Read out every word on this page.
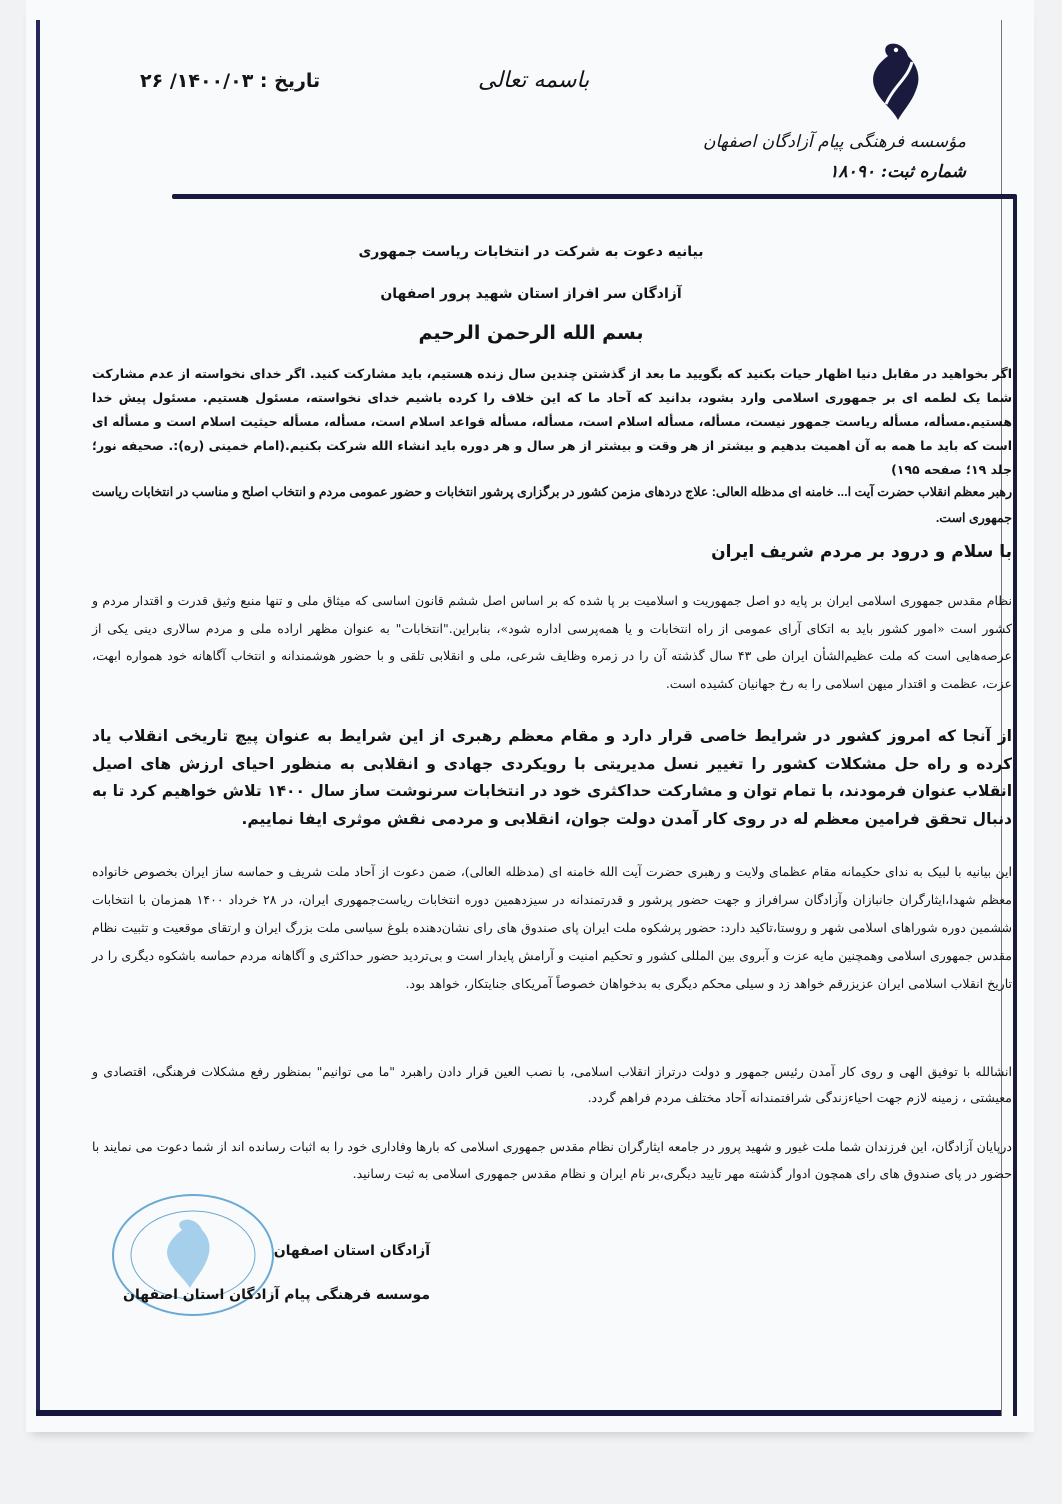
مؤسسه فرهنگی پیام آزادگان اصفهان
شماره ثبت: ۱۸۰۹۰
باسمه تعالی
تاریخ : ۱۴۰۰/۰۳/ ۲۶
بیانیه دعوت به شرکت در انتخابات ریاست جمهوری
آزادگان سر افراز استان شهید پرور اصفهان
بسم الله الرحمن الرحیم
اگر بخواهید در مقابل دنیا اظهار حیات بکنید که بگویید ما بعد از گذشتن چندین سال زنده هستیم، باید مشارکت کنید. اگر خدای نخواسته از عدم مشارکت شما یک لطمه ای بر جمهوری اسلامی وارد بشود، بدانید که آحاد ما که این خلاف را کرده باشیم خدای نخواسته، مسئول هستیم. مسئول پیش خدا هستیم.مسأله، مسأله ریاست جمهور نیست، مسأله، مسأله اسلام است، مسأله، مسأله قواعد اسلام است، مسأله، مسأله حیثیت اسلام است و مسأله ای است که باید ما همه به آن اهمیت بدهیم و بیشتر از هر وقت و بیشتر از هر سال و هر دوره باید انشاء الله شرکت بکنیم.(امام خمینی (ره):. صحیفه نور؛ جلد ۱۹؛ صفحه ۱۹۵)
رهبر معظم انقلاب حضرت آیت ا... خامنه ای مدظله العالی: علاج دردهای مزمن کشور در برگزاری پرشور انتخابات و حضور عمومی مردم و انتخاب اصلح و مناسب در انتخابات ریاست جمهوری است.
با سلام و درود بر مردم شریف ایران
نظام مقدس جمهوری اسلامی ایران بر پایه دو اصل جمهوریت و اسلامیت بر پا شده که بر اساس اصل ششم قانون اساسی که میثاق ملی و تنها منبع وثیق قدرت و اقتدار مردم و کشور است «امور کشور باید به اتکای آرای عمومی از راه انتخابات و یا همه‌پرسی اداره شود»، بنابراین."انتخابات" به عنوان مظهر اراده ملی و مردم سالاری دینی یکی از عرصه‌هایی است که ملت عظیم‌الشأن ایران طی ۴۳ سال گذشته آن را در زمره وظایف شرعی، ملی و انقلابی تلقی و با حضور هوشمندانه و انتخاب آگاهانه خود همواره ابهت، عزت، عظمت و اقتدار میهن اسلامی را به رخ جهانیان کشیده است.
از آنجا که امروز کشور در شرایط خاصی قرار دارد و مقام معظم رهبری از این شرایط به عنوان پیچ تاریخی انقلاب یاد کرده و راه حل مشکلات کشور را تغییر نسل مدیریتی با رویکردی جهادی و انقلابی به منظور احیای ارزش های اصیل انقلاب عنوان فرمودند، با تمام توان و مشارکت حداکثری خود در انتخابات سرنوشت ساز سال ۱۴۰۰ تلاش خواهیم کرد تا به دنبال تحقق فرامین معظم له در روی کار آمدن دولت جوان، انقلابی و مردمی نقش موثری ایفا نماییم.
این بیانیه با لبیک به ندای حکیمانه مقام عظمای ولایت و رهبری حضرت آیت الله خامنه ای (مدظله العالی)، ضمن دعوت از آحاد ملت شریف و حماسه ساز ایران بخصوص خانواده معظم شهدا،ایثارگران جانبازان وآزادگان سرافراز و جهت حضور پرشور و قدرتمندانه در سیزدهمین دوره انتخابات ریاست‌جمهوری ایران، در ۲۸ خرداد ۱۴۰۰ همزمان با انتخابات ششمین دوره شوراهای اسلامی شهر و روستا،تاکید دارد: حضور پرشکوه ملت ایران پای صندوق های رای نشان‌دهنده بلوغ سیاسی ملت بزرگ ایران و ارتقای موقعیت و تثبیت نظام مقدس جمهوری اسلامی وهمچنین مایه عزت و آبروی بین المللی کشور و تحکیم امنیت و آرامش پایدار است و بی‌تردید حضور حداکثری و آگاهانه مردم حماسه باشکوه دیگری را در تاریخ انقلاب اسلامی ایران عزیزرقم خواهد زد و سیلی محکم دیگری به بدخواهان خصوصاً آمریکای جنایتکار، خواهد بود.
انشالله با توفیق الهی و روی کار آمدن رئیس جمهور و دولت درتراز انقلاب اسلامی، با نصب العین قرار دادن راهبرد "ما می توانیم" بمنظور رفع مشکلات فرهنگی، اقتصادی و معیشتی ، زمینه لازم جهت احیاءزندگی شرافتمندانه آحاد مختلف مردم فراهم گردد.
درپایان آزادگان، این فرزندان شما ملت غیور و شهید پرور در جامعه ایثارگران نظام مقدس جمهوری اسلامی که بارها وفاداری خود را به اثبات رسانده اند از شما دعوت می نمایند با حضور در پای صندوق های رای همچون ادوار گذشته مهر تایید دیگری،بر نام ایران و نظام مقدس جمهوری اسلامی به ثبت رسانید.
آزادگان استان اصفهان
موسسه فرهنگی پیام آزادگان استان اصفهان
